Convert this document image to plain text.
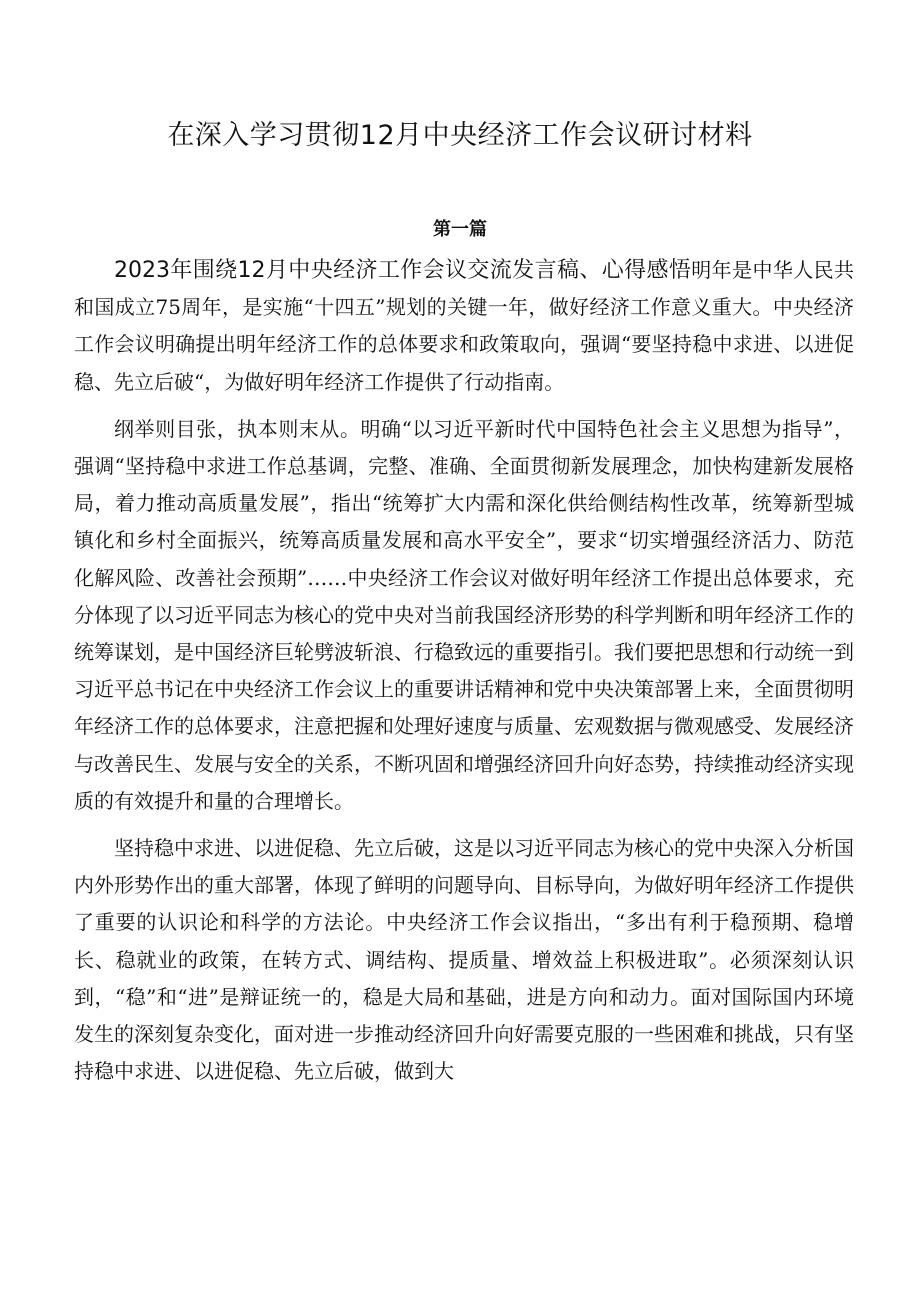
在深入学习贯彻12月中央经济工作会议研讨材料
第一篇

2023年围绕12月中央经济工作会议交流发言稿、心得感悟明年是中华人民共和国成立75周年，是实施“十四五”规划的关键一年，做好经济工作意义重大。中央经济工作会议明确提出明年经济工作的总体要求和政策取向，强调“要坚持稳中求进、以进促稳、先立后破“，为做好明年经济工作提供了行动指南。

纲举则目张，执本则末从。明确“以习近平新时代中国特色社会主义思想为指导”，强调“坚持稳中求进工作总基调，完整、准确、全面贯彻新发展理念，加快构建新发展格局，着力推动高质量发展”，指出“统筹扩大内需和深化供给侧结构性改革，统筹新型城镇化和乡村全面振兴，统筹高质量发展和高水平安全”，要求“切实增强经济活力、防范化解风险、改善社会预期”……中央经济工作会议对做好明年经济工作提出总体要求，充分体现了以习近平同志为核心的党中央对当前我国经济形势的科学判断和明年经济工作的统筹谋划，是中国经济巨轮劈波斩浪、行稳致远的重要指引。我们要把思想和行动统一到习近平总书记在中央经济工作会议上的重要讲话精神和党中央决策部署上来，全面贯彻明年经济工作的总体要求，注意把握和处理好速度与质量、宏观数据与微观感受、发展经济与改善民生、发展与安全的关系，不断巩固和增强经济回升向好态势，持续推动经济实现质的有效提升和量的合理增长。

坚持稳中求进、以进促稳、先立后破，这是以习近平同志为核心的党中央深入分析国内外形势作出的重大部署，体现了鲜明的问题导向、目标导向，为做好明年经济工作提供了重要的认识论和科学的方法论。中央经济工作会议指出，“多出有利于稳预期、稳增长、稳就业的政策，在转方式、调结构、提质量、增效益上积极进取”。必须深刻认识到，“稳”和“进”是辩证统一的，稳是大局和基础，进是方向和动力。面对国际国内环境发生的深刻复杂变化，面对进一步推动经济回升向好需要克服的一些困难和挑战，只有坚持稳中求进、以进促稳、先立后破，做到大
